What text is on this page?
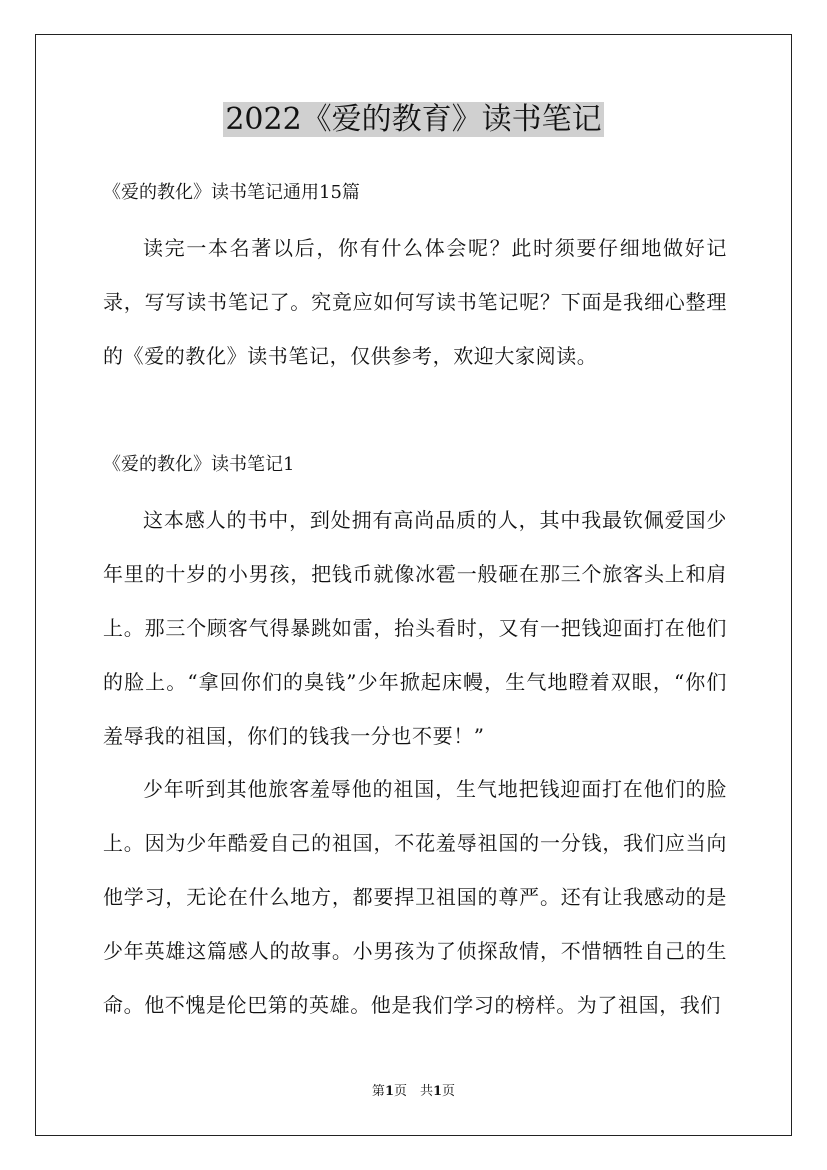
2022《爱的教育》读书笔记

《爱的教化》读书笔记通用15篇

读完一本名著以后，你有什么体会呢？此时须要仔细地做好记录，写写读书笔记了。究竟应如何写读书笔记呢？下面是我细心整理的《爱的教化》读书笔记，仅供参考，欢迎大家阅读。

《爱的教化》读书笔记1

这本感人的书中，到处拥有高尚品质的人，其中我最钦佩爱国少年里的十岁的小男孩，把钱币就像冰雹一般砸在那三个旅客头上和肩上。那三个顾客气得暴跳如雷，抬头看时，又有一把钱迎面打在他们的脸上。“拿回你们的臭钱”少年掀起床幔，生气地瞪着双眼，“你们羞辱我的祖国，你们的钱我一分也不要！”

少年听到其他旅客羞辱他的祖国，生气地把钱迎面打在他们的脸上。因为少年酷爱自己的祖国，不花羞辱祖国的一分钱，我们应当向他学习，无论在什么地方，都要捍卫祖国的尊严。还有让我感动的是少年英雄这篇感人的故事。小男孩为了侦探敌情，不惜牺牲自己的生命。他不愧是伦巴第的英雄。他是我们学习的榜样。为了祖国，我们

第1页　共1页
